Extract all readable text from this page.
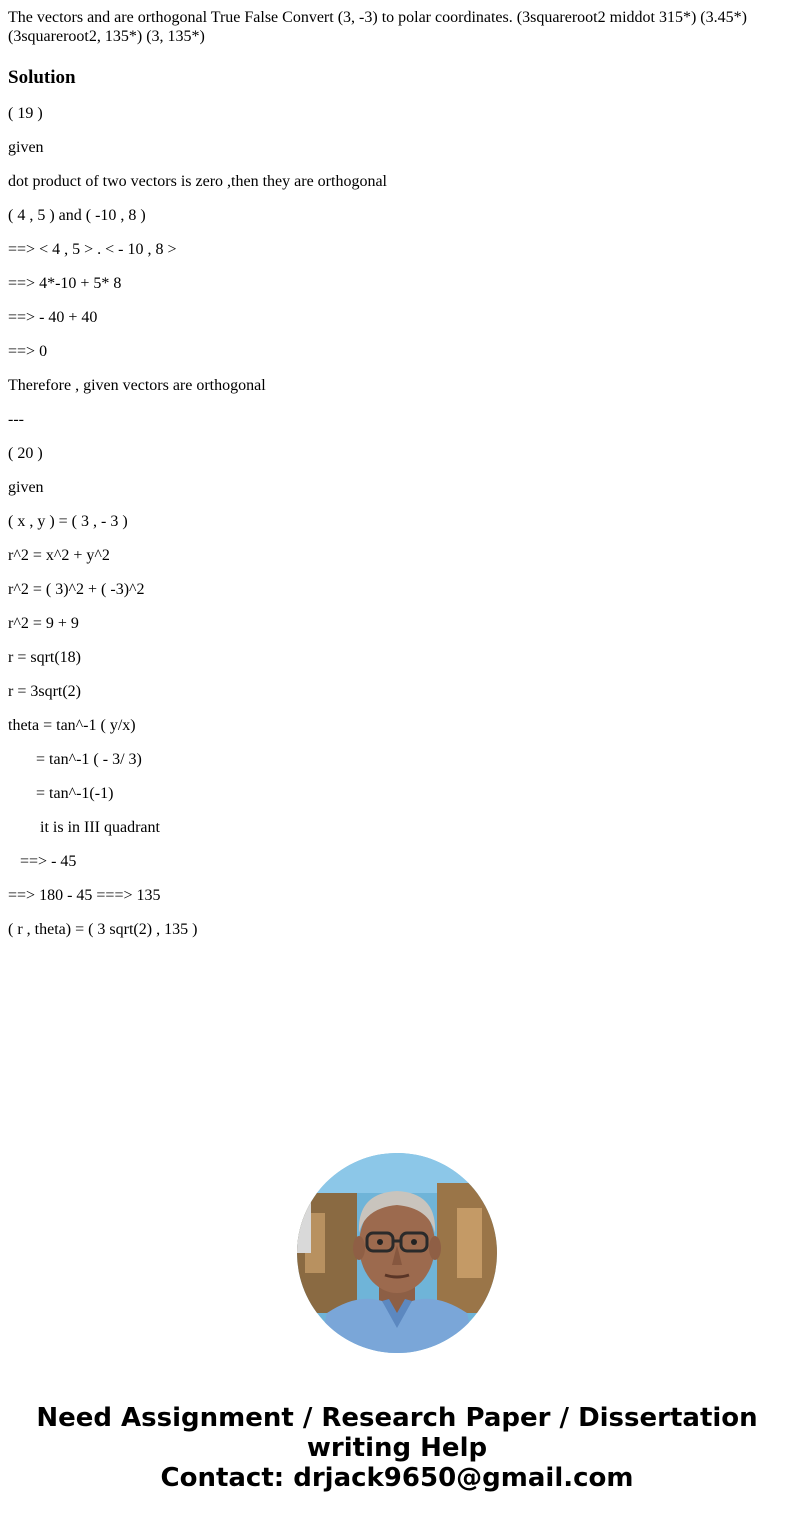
The vectors and are orthogonal True False Convert (3, -3) to polar coordinates. (3squareroot2 middot 315*) (3.45*) (3squareroot2, 135*) (3, 135*)
Solution

( 19 )

given

dot product of two vectors is zero ,then they are orthogonal

( 4 , 5 ) and ( -10 , 8 )

==> < 4 , 5 > . < - 10 , 8 >

==> 4*-10 + 5* 8

==> - 40 + 40

==> 0

Therefore , given vectors are orthogonal

---

( 20 )

given

( x , y ) = ( 3 , - 3 )

r^2 = x^2 + y^2

r^2 = ( 3)^2 + ( -3)^2

r^2 = 9 + 9

r = sqrt(18)

r = 3sqrt(2)

theta = tan^-1 ( y/x)

= tan^-1 ( - 3/ 3)

= tan^-1(-1)

it is in III quadrant

==> - 45

==> 180 - 45 ===> 135

( r , theta) = ( 3 sqrt(2) , 135 )

Need Assignment / Research Paper / Dissertation
writing Help
Contact: drjack9650@gmail.com
